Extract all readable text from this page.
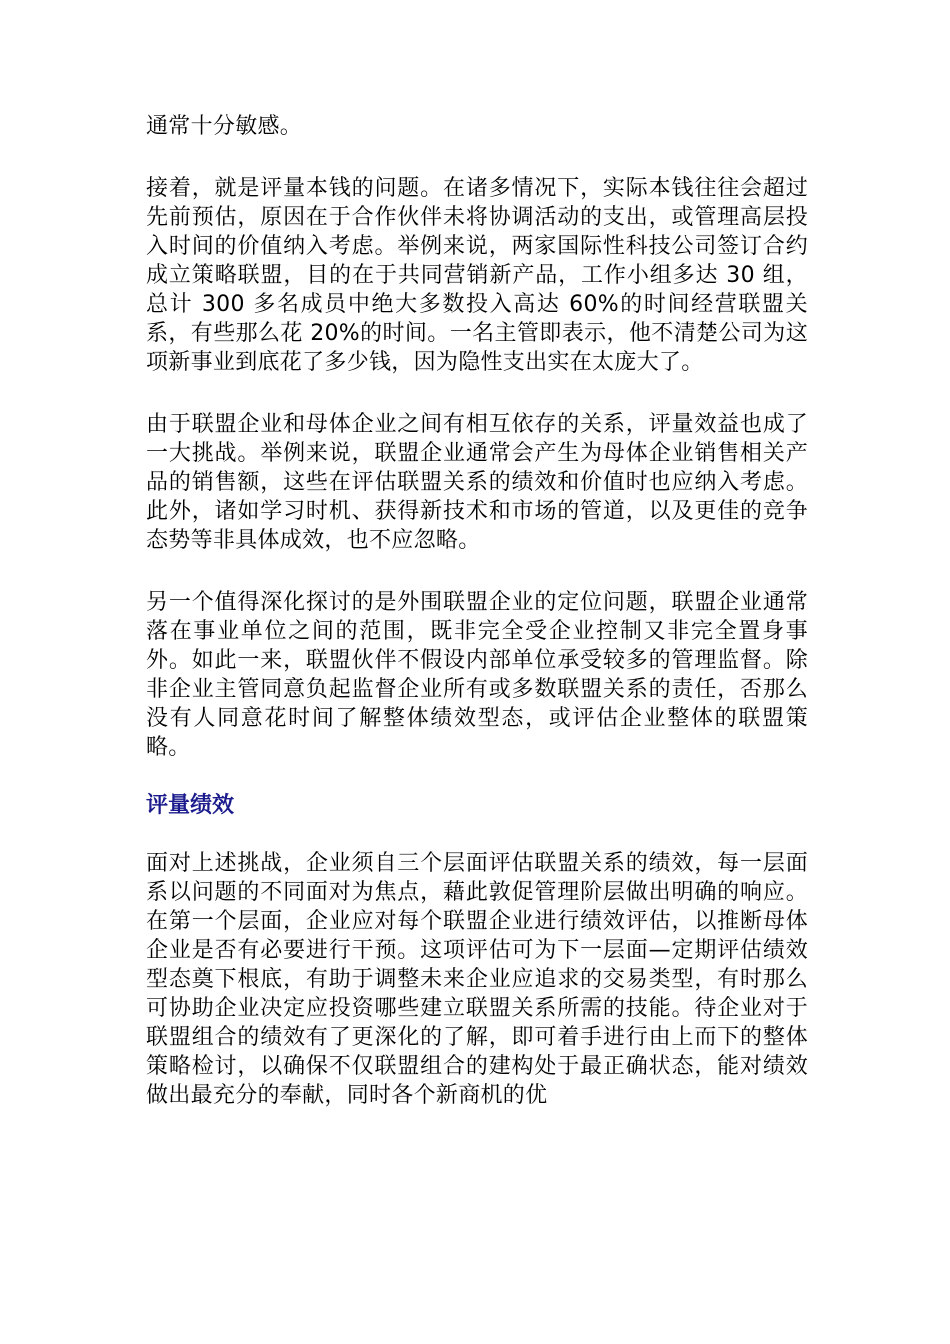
通常十分敏感。

接着，就是评量本钱的问题。在诸多情况下，实际本钱往往会超过先前预估，原因在于合作伙伴未将协调活动的支出，或管理高层投入时间的价值纳入考虑。举例来说，两家国际性科技公司签订合约成立策略联盟，目的在于共同营销新产品，工作小组多达 30 组，总计 300 多名成员中绝大多数投入高达 60%的时间经营联盟关系，有些那么花 20%的时间。一名主管即表示，他不清楚公司为这项新事业到底花了多少钱，因为隐性支出实在太庞大了。

由于联盟企业和母体企业之间有相互依存的关系，评量效益也成了一大挑战。举例来说，联盟企业通常会产生为母体企业销售相关产品的销售额，这些在评估联盟关系的绩效和价值时也应纳入考虑。此外，诸如学习时机、获得新技术和市场的管道，以及更佳的竞争态势等非具体成效，也不应忽略。

另一个值得深化探讨的是外围联盟企业的定位问题，联盟企业通常落在事业单位之间的范围，既非完全受企业控制又非完全置身事外。如此一来，联盟伙伴不假设内部单位承受较多的管理监督。除非企业主管同意负起监督企业所有或多数联盟关系的责任，否那么没有人同意花时间了解整体绩效型态，或评估企业整体的联盟策略。

评量绩效

面对上述挑战，企业须自三个层面评估联盟关系的绩效，每一层面系以问题的不同面对为焦点，藉此敦促管理阶层做出明确的响应。在第一个层面，企业应对每个联盟企业进行绩效评估，以推断母体企业是否有必要进行干预。这项评估可为下一层面—定期评估绩效型态奠下根底，有助于调整未来企业应追求的交易类型，有时那么可协助企业决定应投资哪些建立联盟关系所需的技能。待企业对于联盟组合的绩效有了更深化的了解，即可着手进行由上而下的整体策略检讨，以确保不仅联盟组合的建构处于最正确状态，能对绩效做出最充分的奉献，同时各个新商机的优
